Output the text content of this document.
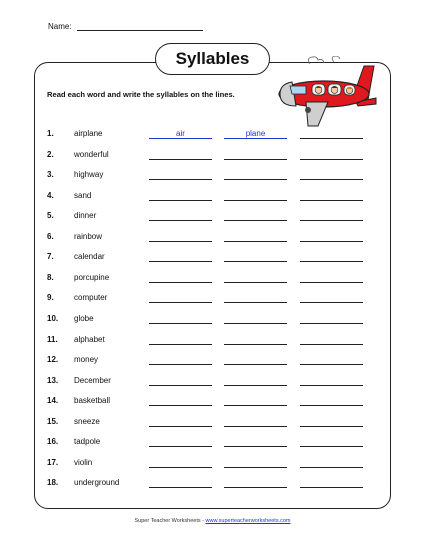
Name:
Syllables
Read each word and write the syllables on the lines.
1.	airplane	air	plane
2.	wonderful
3.	highway
4.	sand
5.	dinner
6.	rainbow
7.	calendar
8.	porcupine
9.	computer
10. globe
11. alphabet
12. money
13. December
14. basketball
15. sneeze
16. tadpole
17. violin
18. underground
Super Teacher Worksheets - www.superteacherworksheets.com
